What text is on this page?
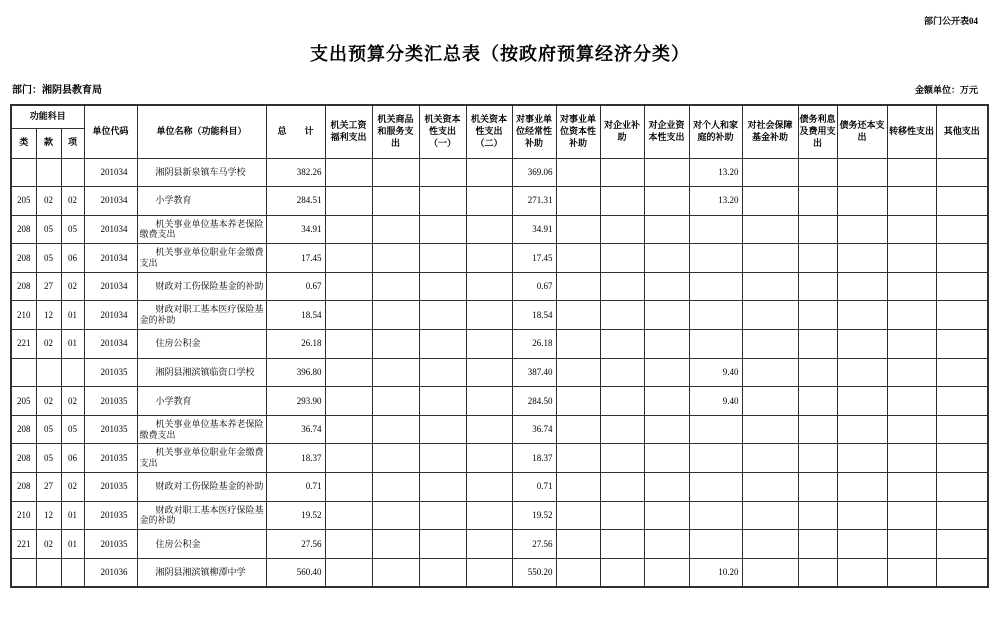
部门公开表04
支出预算分类汇总表（按政府预算经济分类）
部门：湘阴县教育局	金额单位：万元
功能科目			单位代码	单位名称（功能科目）	总　　计	机关工资福利支出	机关商品和服务支出	机关资本性支出（一）	机关资本性支出（二）	对事业单位经常性补助	对事业单位资本性补助	对企业补助	对企业资本性支出	对个人和家庭的补助	对社会保障基金补助	债务利息及费用支出	债务还本支出	转移性支出	其他支出
类	款	项																	
			201034	湘阴县新泉镇车马学校	382.26					369.06				13.20					
205	02	02	201034	小学教育	284.51					271.31				13.20					
208	05	05	201034	机关事业单位基本养老保险缴费支出	34.91					34.91									
208	05	06	201034	机关事业单位职业年金缴费支出	17.45					17.45									
208	27	02	201034	财政对工伤保险基金的补助	0.67					0.67									
210	12	01	201034	财政对职工基本医疗保险基金的补助	18.54					18.54									
221	02	01	201034	住房公积金	26.18					26.18									
			201035	湘阴县湘滨镇临资口学校	396.80					387.40				9.40					
205	02	02	201035	小学教育	293.90					284.50				9.40					
208	05	05	201035	机关事业单位基本养老保险缴费支出	36.74					36.74									
208	05	06	201035	机关事业单位职业年金缴费支出	18.37					18.37									
208	27	02	201035	财政对工伤保险基金的补助	0.71					0.71									
210	12	01	201035	财政对职工基本医疗保险基金的补助	19.52					19.52									
221	02	01	201035	住房公积金	27.56					27.56									
			201036	湘阴县湘滨镇柳潭中学	560.40					550.20				10.20					
